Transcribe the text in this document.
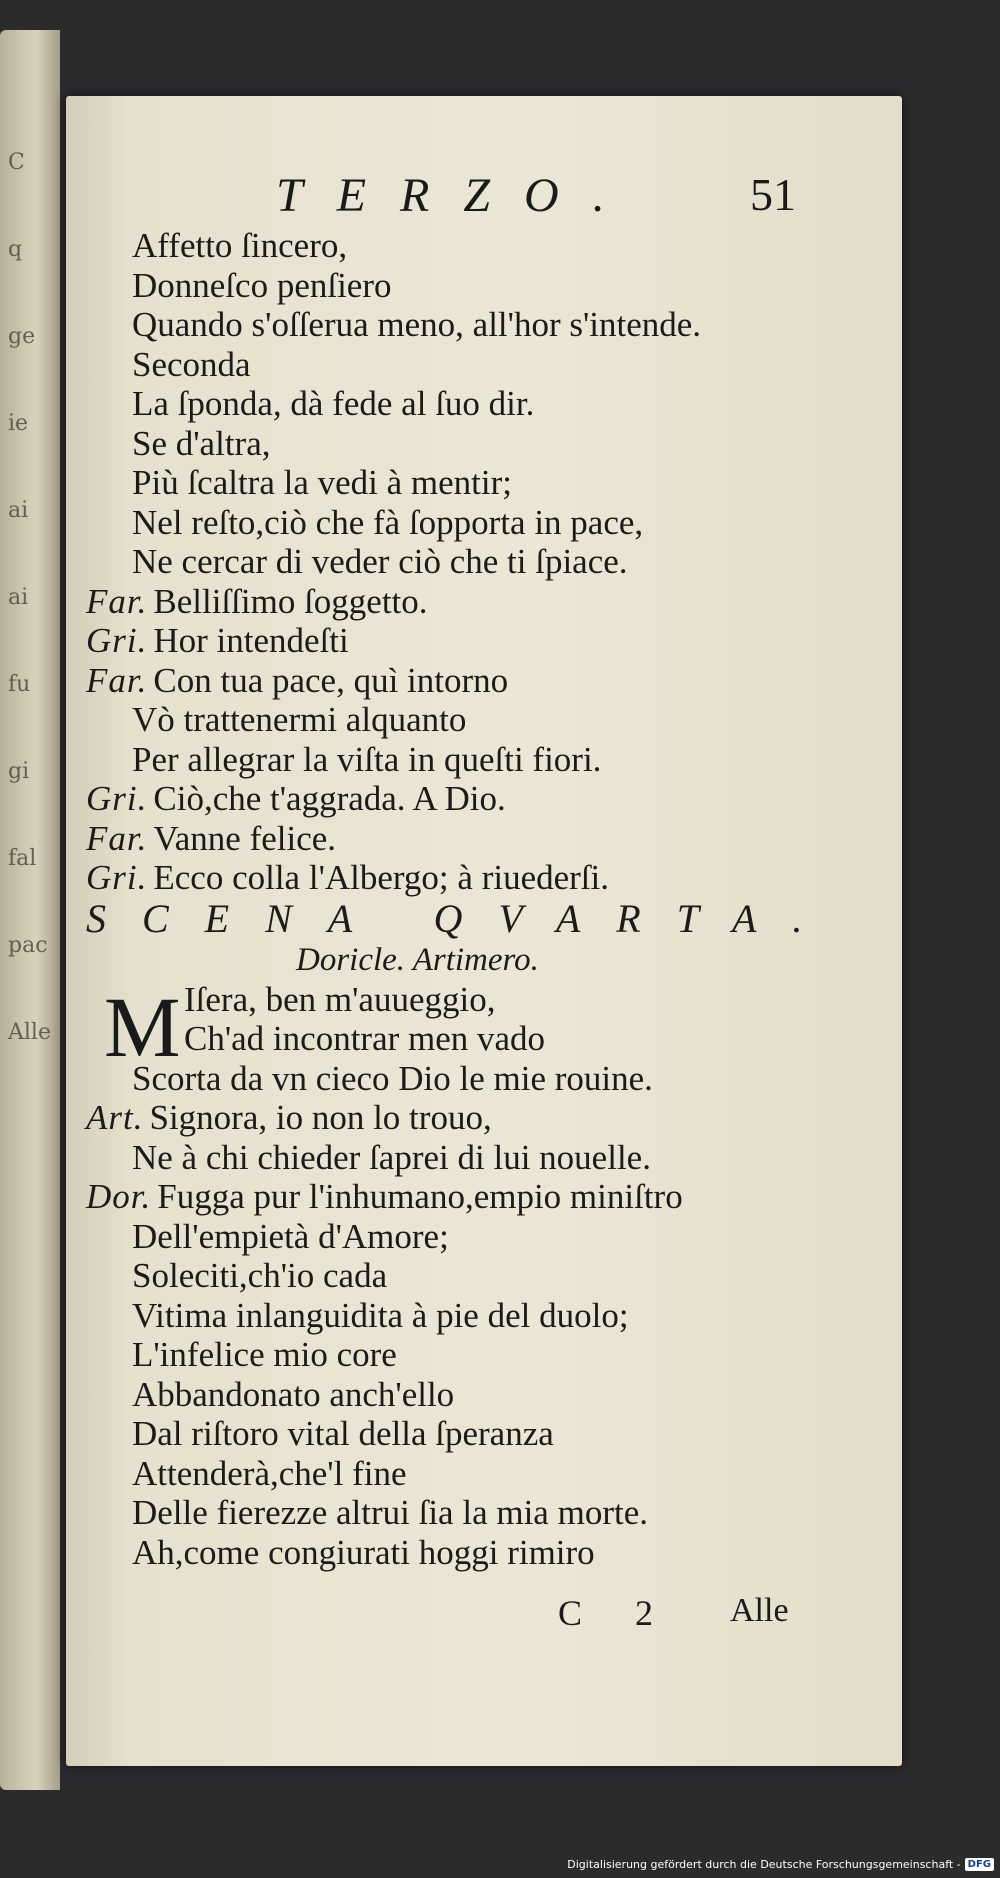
C
q
ge
ie
ai
ai
fu
gi
fal
pac
Alle
TERZO. 51
Affetto ſincero,
Donneſco penſiero
Quando s'oſſerua meno, all'hor s'intende.
Seconda
La ſponda, dà fede al ſuo dir.
Se d'altra,
Più ſcaltra la vedi à mentir;
Nel reſto,ciò che fà ſopporta in pace,
Ne cercar di veder ciò che ti ſpiace.
Far. Belliſſimo ſoggetto.
Gri. Hor intendeſti
Far. Con tua pace, quì intorno
Vò trattenermi alquanto
Per allegrar la viſta in queſti fiori.
Gri. Ciò,che t'aggrada. A Dio.
Far. Vanne felice.
Gri. Ecco colla l'Albergo; à riuederſi.
SCENA QVARTA.
Doricle. Artimero.
M Iſera, ben m'auueggio,
Ch'ad incontrar men vado
Scorta da vn cieco Dio le mie rouine.
Art. Signora, io non lo trouo,
Ne à chi chieder ſaprei di lui nouelle.
Dor. Fugga pur l'inhumano,empio miniſtro
Dell'empietà d'Amore;
Soleciti,ch'io cada
Vitima inlanguidita à pie del duolo;
L'infelice mio core
Abbandonato anch'ello
Dal riſtoro vital della ſperanza
Attenderà,che'l fine
Delle fierezze altrui ſia la mia morte.
Ah,come congiurati hoggi rimiro
C 2 Alle
Digitalisierung gefördert durch die Deutsche Forschungsgemeinschaft - DFG
